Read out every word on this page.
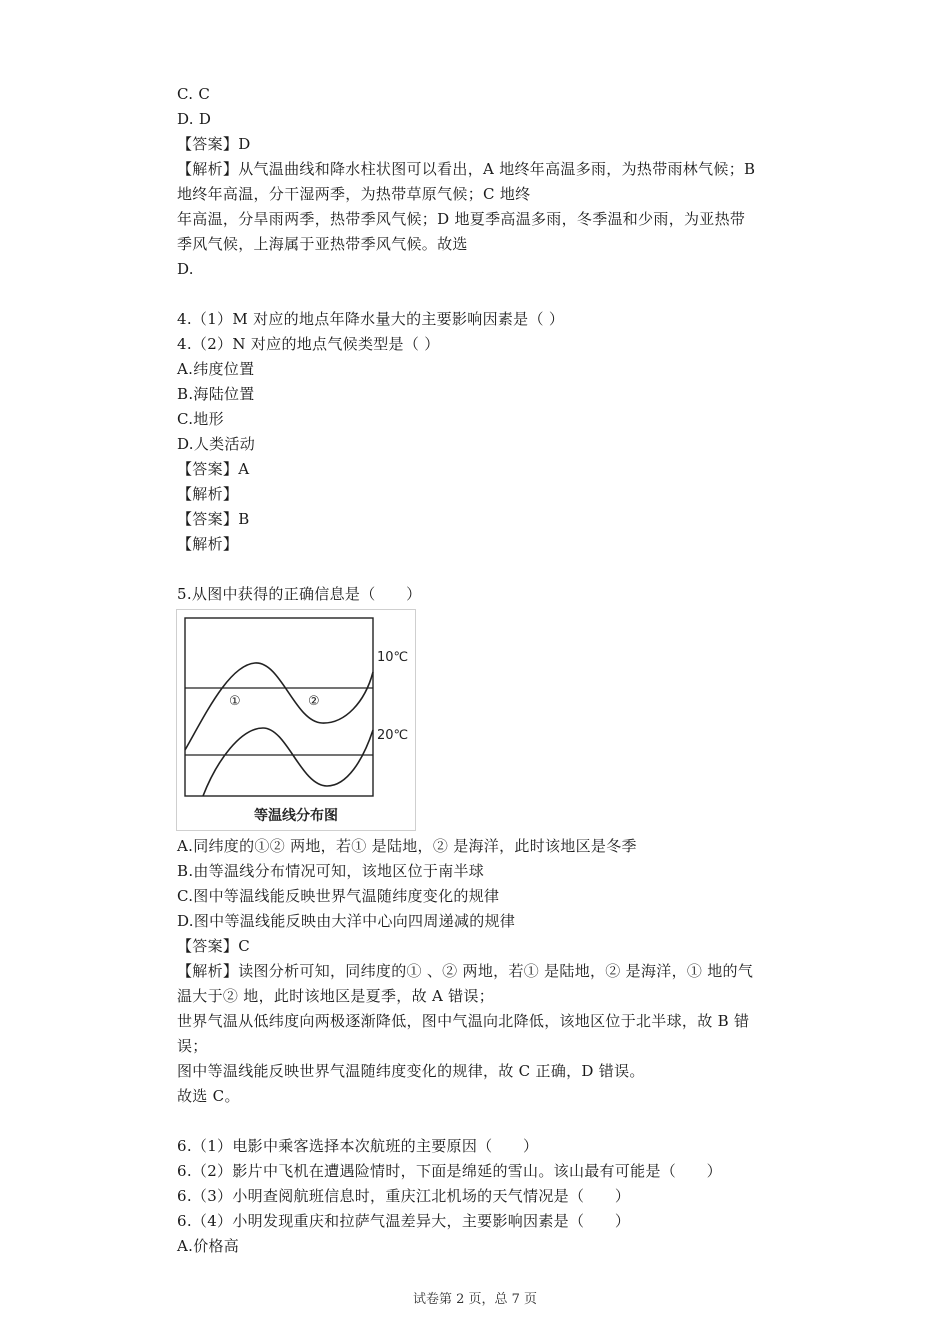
C. C
D. D
【答案】D
【解析】从气温曲线和降水柱状图可以看出，A 地终年高温多雨，为热带雨林气候；B
地终年高温，分干湿两季，为热带草原气候；C 地终
年高温，分旱雨两季，热带季风气候；D 地夏季高温多雨，冬季温和少雨，为亚热带
季风气候，上海属于亚热带季风气候。故选
D.
4.（1）M 对应的地点年降水量大的主要影响因素是（ ）
4.（2）N 对应的地点气候类型是（ ）
A.纬度位置
B.海陆位置
C.地形
D.人类活动
【答案】A
【解析】
【答案】B
【解析】
5.从图中获得的正确信息是（　　）
10℃
20℃
①	②
等温线分布图
A.同纬度的①② 两地，若① 是陆地，② 是海洋，此时该地区是冬季
B.由等温线分布情况可知，该地区位于南半球
C.图中等温线能反映世界气温随纬度变化的规律
D.图中等温线能反映由大洋中心向四周递减的规律
【答案】C
【解析】读图分析可知，同纬度的① 、② 两地，若① 是陆地，② 是海洋，① 地的气
温大于② 地，此时该地区是夏季，故 A 错误；
世界气温从低纬度向两极逐渐降低，图中气温向北降低，该地区位于北半球，故 B 错
误；
图中等温线能反映世界气温随纬度变化的规律，故 C 正确，D 错误。
故选 C。
6.（1）电影中乘客选择本次航班的主要原因（　　）
6.（2）影片中飞机在遭遇险情时，下面是绵延的雪山。该山最有可能是（　　）
6.（3）小明查阅航班信息时，重庆江北机场的天气情况是（　　）
6.（4）小明发现重庆和拉萨气温差异大，主要影响因素是（　　）
A.价格高
试卷第 2 页，总 7 页
